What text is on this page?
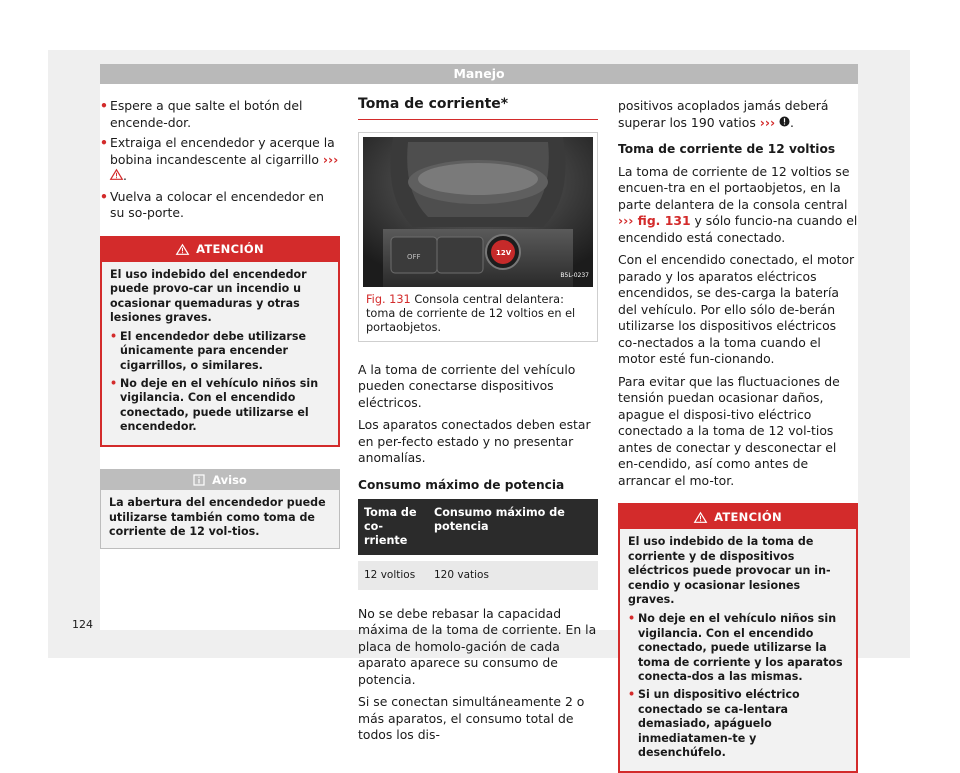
Manejo
• Espere a que salte el botón del encende-dor.
• Extraiga el encendedor y acerque la bobina incandescente al cigarrillo ››› .
• Vuelva a colocar el encendedor en su so-porte.
ATENCIÓN

El uso indebido del encendedor puede provo-car un incendio u ocasionar quemaduras y otras lesiones graves.

• El encendedor debe utilizarse únicamente para encender cigarrillos, o similares.
• No deje en el vehículo niños sin vigilancia. Con el encendido conectado, puede utilizarse el encendedor.
Aviso
La abertura del encendedor puede utilizarse también como toma de corriente de 12 vol-tios.
Toma de corriente*
OFF	12V
B5L-0237
Fig. 131 Consola central delantera: toma de corriente de 12 voltios en el portaobjetos.

A la toma de corriente del vehículo pueden conectarse dispositivos eléctricos.

Los aparatos conectados deben estar en per-fecto estado y no presentar anomalías.

Consumo máximo de potencia
Toma de co-rriente	Consumo máximo de potencia

12 voltios	120 vatios

No se debe rebasar la capacidad máxima de la toma de corriente. En la placa de homolo-gación de cada aparato aparece su consumo de potencia.

Si se conectan simultáneamente 2 o más aparatos, el consumo total de todos los dis-

positivos acoplados jamás deberá superar los 190 vatios ››› .

Toma de corriente de 12 voltios

La toma de corriente de 12 voltios se encuen-tra en el portaobjetos, en la parte delantera de la consola central ››› fig. 131 y sólo funcio-na cuando el encendido está conectado.

Con el encendido conectado, el motor parado y los aparatos eléctricos encendidos, se des-carga la batería del vehículo. Por ello sólo de-berán utilizarse los dispositivos eléctricos co-nectados a la toma cuando el motor esté fun-cionando.

Para evitar que las fluctuaciones de tensión puedan ocasionar daños, apague el disposi-tivo eléctrico conectado a la toma de 12 vol-tios antes de conectar y desconectar el en-cendido, así como antes de arrancar el mo-tor.

ATENCIÓN

El uso indebido de la toma de corriente y de dispositivos eléctricos puede provocar un in-cendio y ocasionar lesiones graves.

• No deje en el vehículo niños sin vigilancia. Con el encendido conectado, puede utilizarse la toma de corriente y los aparatos conecta-dos a las mismas.
• Si un dispositivo eléctrico conectado se ca-lentara demasiado, apáguelo inmediatamen-te y desenchúfelo.
124
